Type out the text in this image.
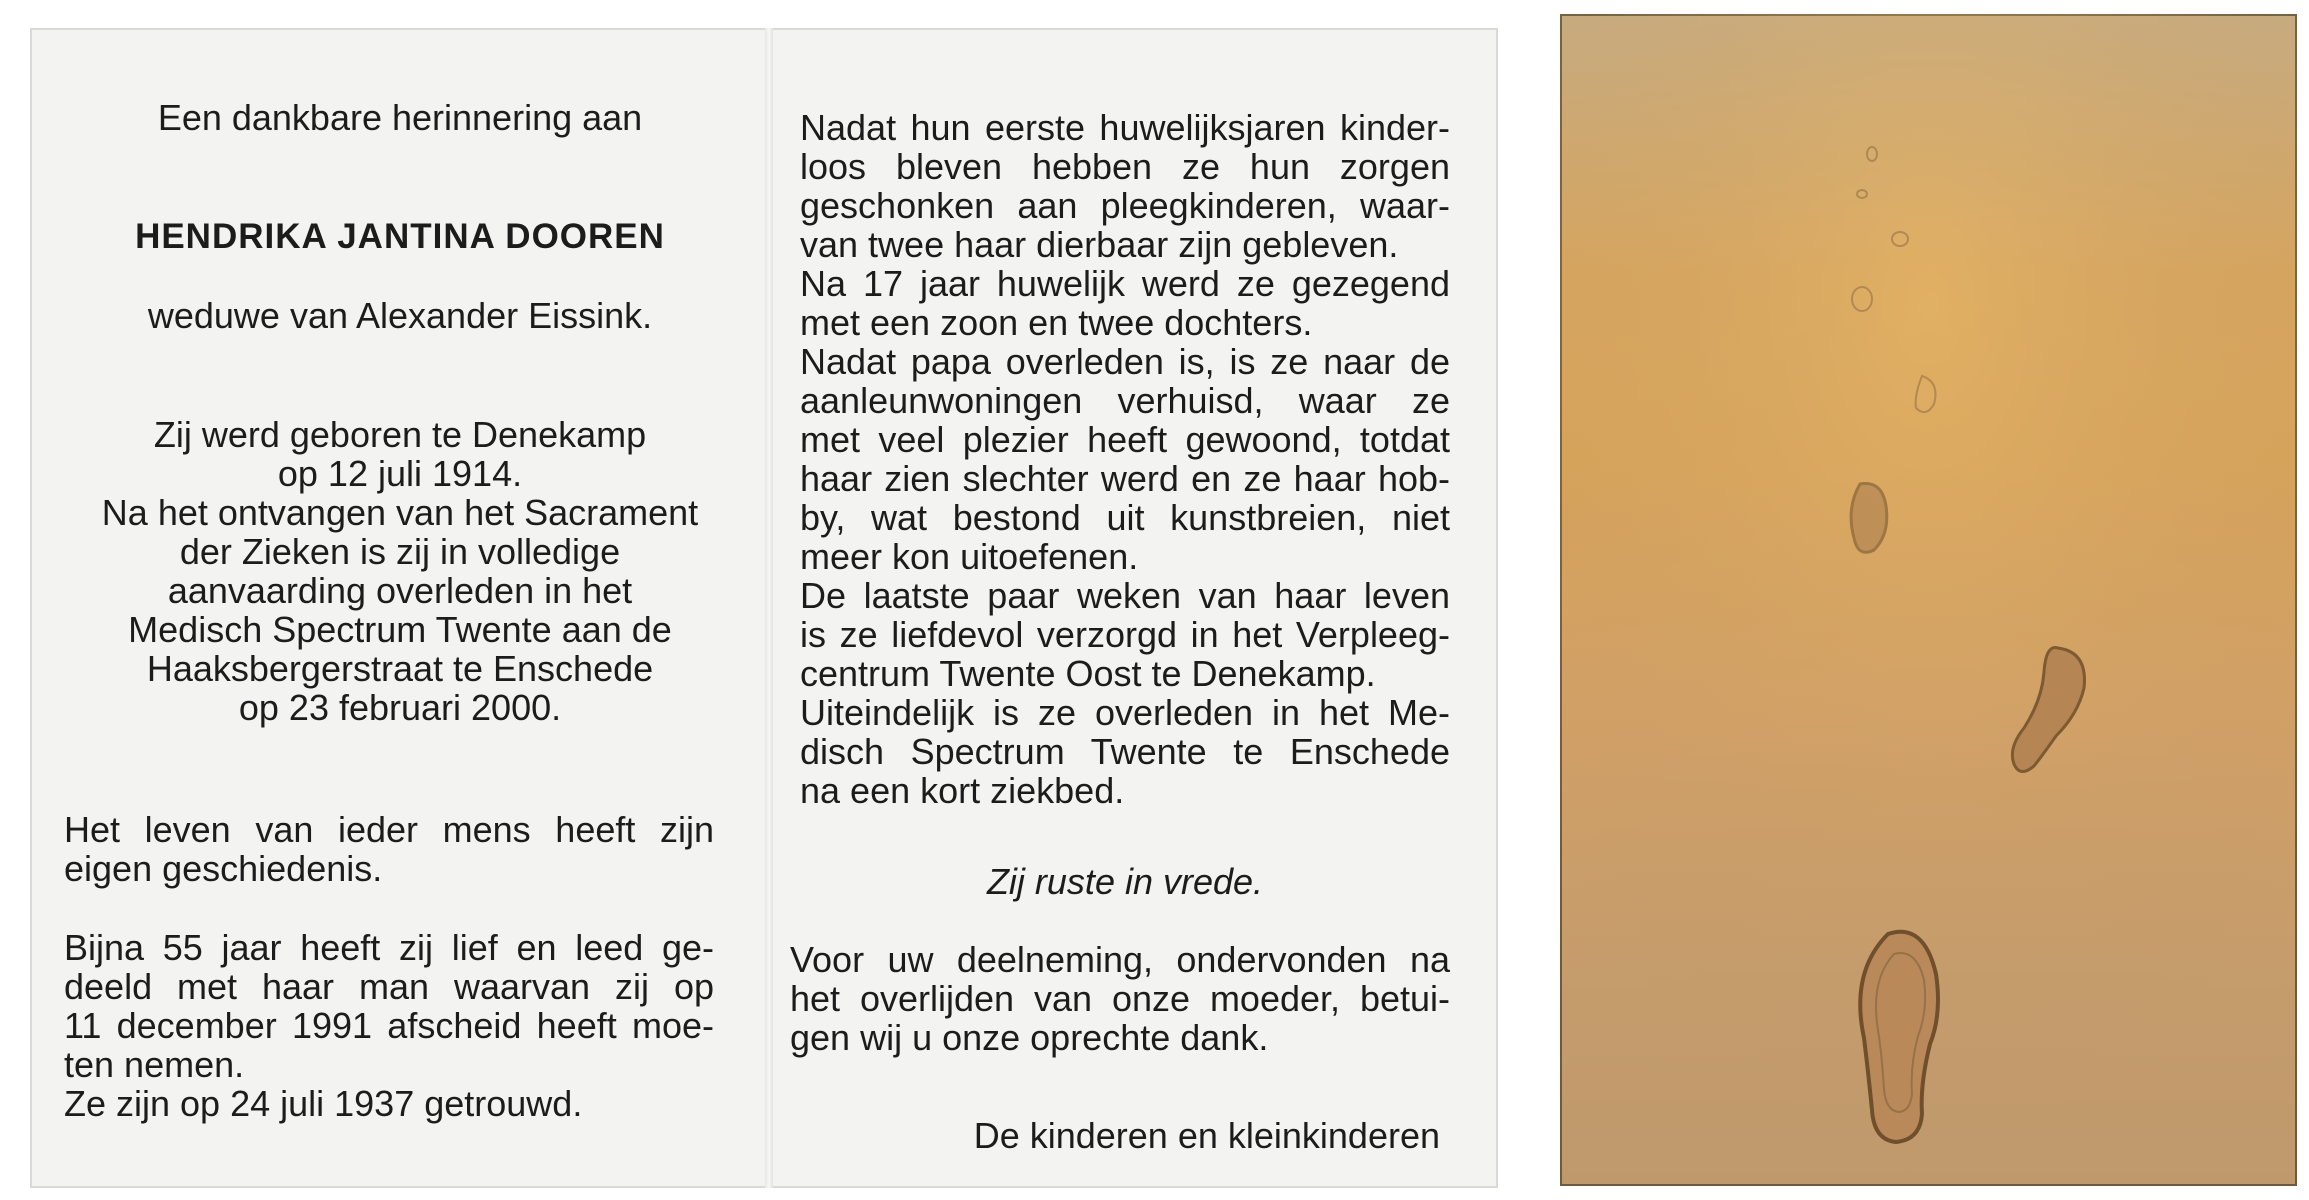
Een dankbare herinnering aan

HENDRIKA JANTINA DOOREN

weduwe van Alexander Eissink.

Zij werd geboren te Denekamp
op 12 juli 1914.
Na het ontvangen van het Sacrament
der Zieken is zij in volledige
aanvaarding overleden in het
Medisch Spectrum Twente aan de
Haaksbergerstraat te Enschede
op 23 februari 2000.

Het leven van ieder mens heeft zijn

eigen geschiedenis.

Bijna 55 jaar heeft zij lief en leed ge-

deeld met haar man waarvan zij op

11 december 1991 afscheid heeft moe-

ten nemen.

Ze zijn op 24 juli 1937 getrouwd.

Nadat hun eerste huwelijksjaren kinder-

loos bleven hebben ze hun zorgen

geschonken aan pleegkinderen, waar-

van twee haar dierbaar zijn gebleven.

Na 17 jaar huwelijk werd ze gezegend

met een zoon en twee dochters.

Nadat papa overleden is, is ze naar de

aanleunwoningen verhuisd, waar ze

met veel plezier heeft gewoond, totdat

haar zien slechter werd en ze haar hob-

by, wat bestond uit kunstbreien, niet

meer kon uitoefenen.

De laatste paar weken van haar leven

is ze liefdevol verzorgd in het Verpleeg-

centrum Twente Oost te Denekamp.

Uiteindelijk is ze overleden in het Me-

disch Spectrum Twente te Enschede

na een kort ziekbed.

Zij ruste in vrede.

Voor uw deelneming, ondervonden na

het overlijden van onze moeder, betui-

gen wij u onze oprechte dank.

De kinderen en kleinkinderen
